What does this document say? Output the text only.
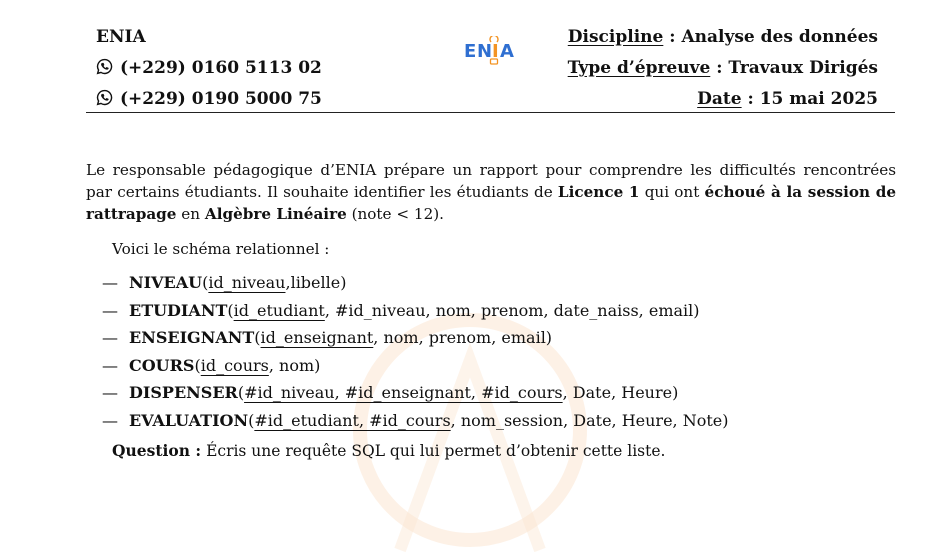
ENIA
(+229) 0160 5113 02
(+229) 0190 5000 75
E N I A
Discipline : Analyse des données
Type d’épreuve : Travaux Dirigés
Date : 15 mai 2025
Le responsable pédagogique d’ENIA prépare un rapport pour comprendre les difficultés rencontrées par certains étudiants. Il souhaite identifier les étudiants de Licence 1 qui ont échoué à la session de rattrapage en Algèbre Linéaire (note < 12).
Voici le schéma relationnel :
— NIVEAU(id_niveau,libelle)
— ETUDIANT(id_etudiant, #id_niveau, nom, prenom, date_naiss, email)
— ENSEIGNANT(id_enseignant, nom, prenom, email)
— COURS(id_cours, nom)
— DISPENSER(#id_niveau, #id_enseignant, #id_cours, Date, Heure)
— EVALUATION(#id_etudiant, #id_cours, nom_session, Date, Heure, Note)
Question : Écris une requête SQL qui lui permet d’obtenir cette liste.
